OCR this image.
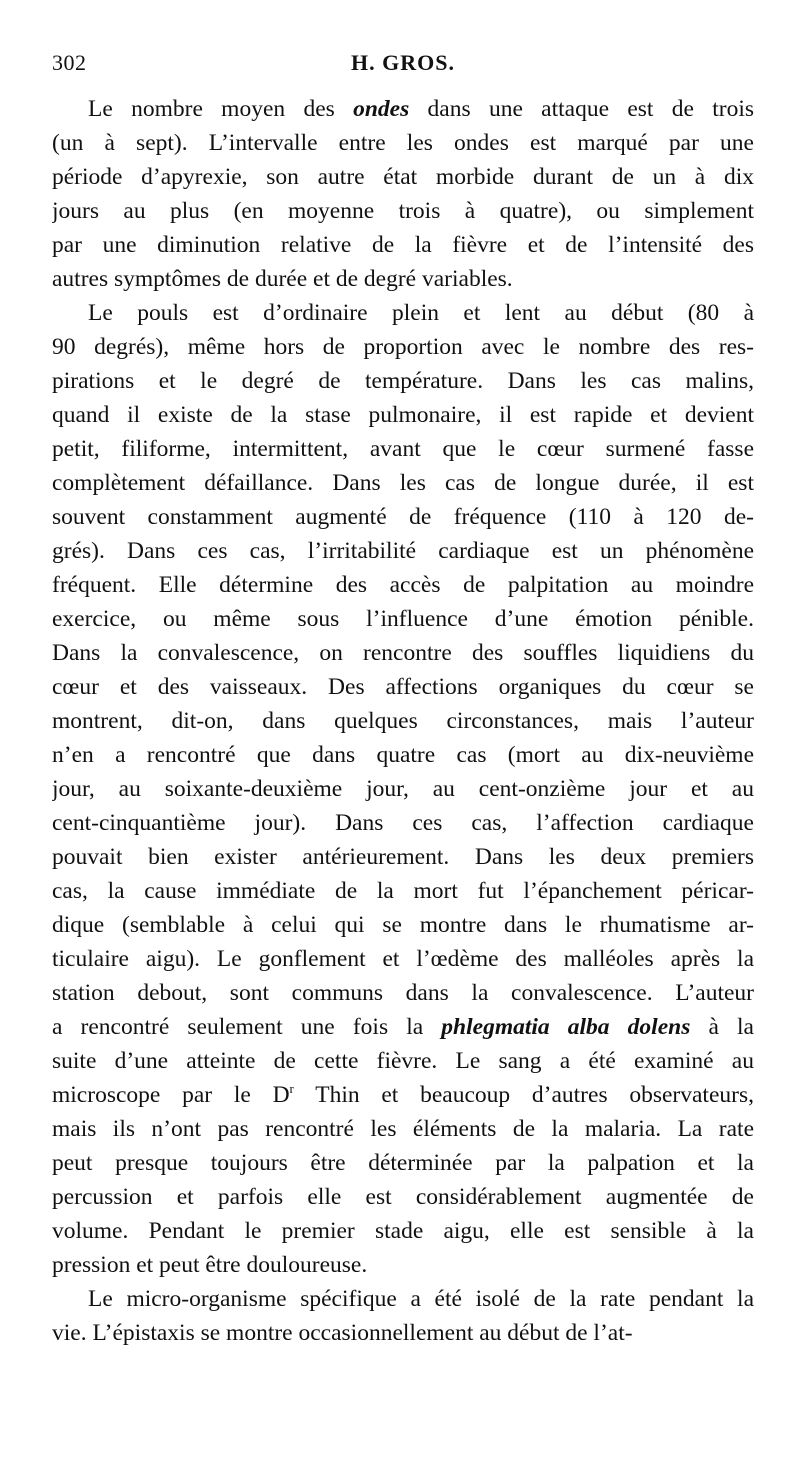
302	H. GROS.
Le nombre moyen des ondes dans une attaque est de trois
(un à sept). L’intervalle entre les ondes est marqué par une
période d’apyrexie, son autre état morbide durant de un à dix
jours au plus (en moyenne trois à quatre), ou simplement
par une diminution relative de la fièvre et de l’intensité des
autres symptômes de durée et de degré variables.
Le pouls est d’ordinaire plein et lent au début (80 à
90 degrés), même hors de proportion avec le nombre des res-
pirations et le degré de température. Dans les cas malins,
quand il existe de la stase pulmonaire, il est rapide et devient
petit, filiforme, intermittent, avant que le cœur surmené fasse
complètement défaillance. Dans les cas de longue durée, il est
souvent constamment augmenté de fréquence (110 à 120 de-
grés). Dans ces cas, l’irritabilité cardiaque est un phénomène
fréquent. Elle détermine des accès de palpitation au moindre
exercice, ou même sous l’influence d’une émotion pénible.
Dans la convalescence, on rencontre des souffles liquidiens du
cœur et des vaisseaux. Des affections organiques du cœur se
montrent, dit-on, dans quelques circonstances, mais l’auteur
n’en a rencontré que dans quatre cas (mort au dix-neuvième
jour, au soixante-deuxième jour, au cent-onzième jour et au
cent-cinquantième jour). Dans ces cas, l’affection cardiaque
pouvait bien exister antérieurement. Dans les deux premiers
cas, la cause immédiate de la mort fut l’épanchement péricar-
dique (semblable à celui qui se montre dans le rhumatisme ar-
ticulaire aigu). Le gonflement et l’œdème des malléoles après la
station debout, sont communs dans la convalescence. L’auteur
a rencontré seulement une fois la phlegmatia alba dolens à la
suite d’une atteinte de cette fièvre. Le sang a été examiné au
microscope par le $D^r$ Thin et beaucoup d’autres observateurs,
mais ils n’ont pas rencontré les éléments de la malaria. La rate
peut presque toujours être déterminée par la palpation et la
percussion et parfois elle est considérablement augmentée de
volume. Pendant le premier stade aigu, elle est sensible à la
pression et peut être douloureuse.
Le micro-organisme spécifique a été isolé de la rate pendant la
vie. L’épistaxis se montre occasionnellement au début de l’at-
